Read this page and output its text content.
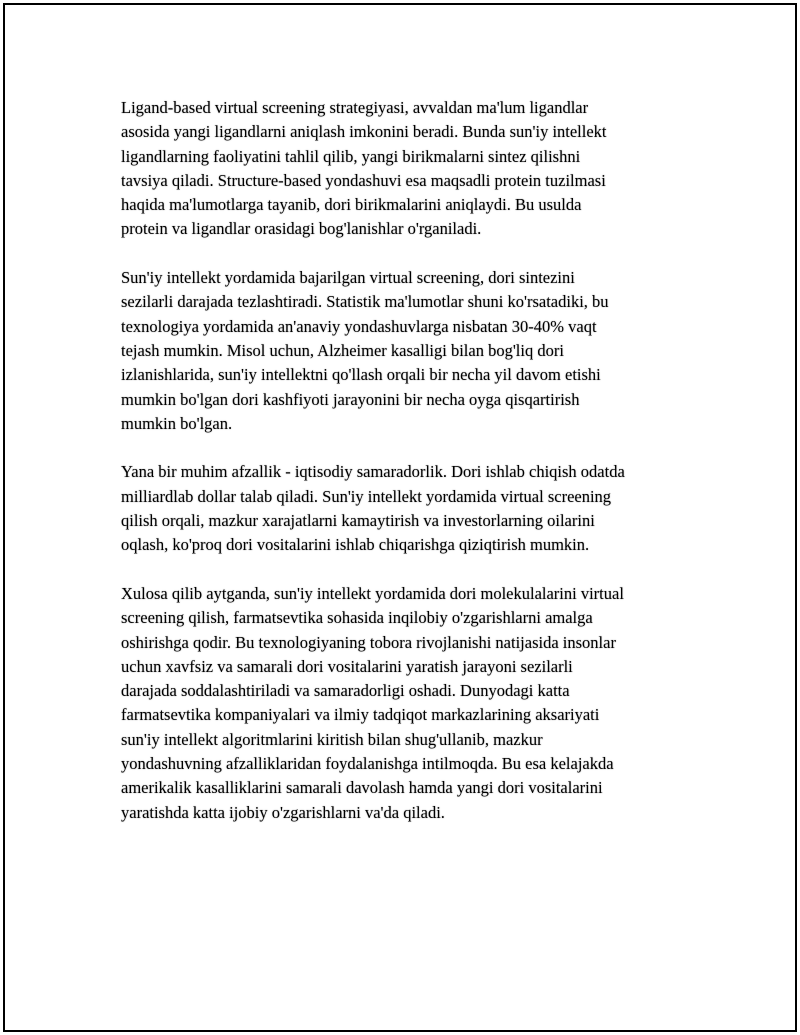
Ligand-based virtual screening strategiyasi, avvaldan ma'lum ligandlar
asosida yangi ligandlarni aniqlash imkonini beradi. Bunda sun'iy intellekt
ligandlarning faoliyatini tahlil qilib, yangi birikmalarni sintez qilishni
tavsiya qiladi. Structure-based yondashuvi esa maqsadli protein tuzilmasi
haqida ma'lumotlarga tayanib, dori birikmalarini aniqlaydi. Bu usulda
protein va ligandlar orasidagi bog'lanishlar o'rganiladi.

Sun'iy intellekt yordamida bajarilgan virtual screening, dori sintezini
sezilarli darajada tezlashtiradi. Statistik ma'lumotlar shuni ko'rsatadiki, bu
texnologiya yordamida an'anaviy yondashuvlarga nisbatan 30-40% vaqt
tejash mumkin. Misol uchun, Alzheimer kasalligi bilan bog'liq dori
izlanishlarida, sun'iy intellektni qo'llash orqali bir necha yil davom etishi
mumkin bo'lgan dori kashfiyoti jarayonini bir necha oyga qisqartirish
mumkin bo'lgan.

Yana bir muhim afzallik - iqtisodiy samaradorlik. Dori ishlab chiqish odatda
milliardlab dollar talab qiladi. Sun'iy intellekt yordamida virtual screening
qilish orqali, mazkur xarajatlarni kamaytirish va investorlarning oilarini
oqlash, ko'proq dori vositalarini ishlab chiqarishga qiziqtirish mumkin.

Xulosa qilib aytganda, sun'iy intellekt yordamida dori molekulalarini virtual
screening qilish, farmatsevtika sohasida inqilobiy o'zgarishlarni amalga
oshirishga qodir. Bu texnologiyaning tobora rivojlanishi natijasida insonlar
uchun xavfsiz va samarali dori vositalarini yaratish jarayoni sezilarli
darajada soddalashtiriladi va samaradorligi oshadi. Dunyodagi katta
farmatsevtika kompaniyalari va ilmiy tadqiqot markazlarining aksariyati
sun'iy intellekt algoritmlarini kiritish bilan shug'ullanib, mazkur
yondashuvning afzalliklaridan foydalanishga intilmoqda. Bu esa kelajakda
amerikalik kasalliklarini samarali davolash hamda yangi dori vositalarini
yaratishda katta ijobiy o'zgarishlarni va'da qiladi.
